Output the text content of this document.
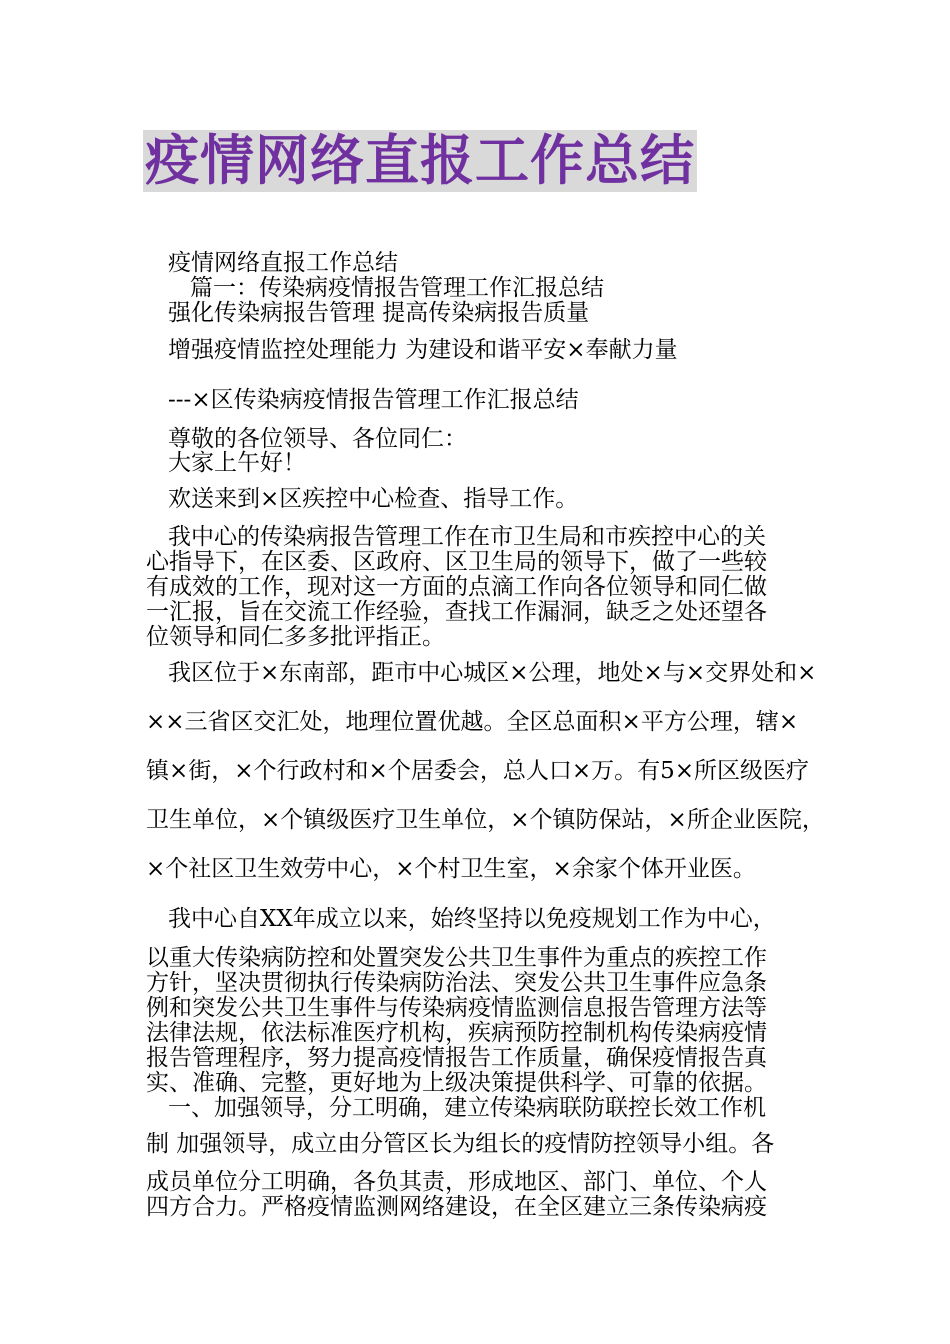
疫情网络直报工作总结
疫情网络直报工作总结
篇一：传染病疫情报告管理工作汇报总结
强化传染病报告管理 提高传染病报告质量
增强疫情监控处理能力 为建设和谐平安×奉献力量
---×区传染病疫情报告管理工作汇报总结
尊敬的各位领导、各位同仁：
大家上午好！
欢送来到×区疾控中心检查、指导工作。
我中心的传染病报告管理工作在市卫生局和市疾控中心的关
心指导下，在区委、区政府、区卫生局的领导下，做了一些较
有成效的工作，现对这一方面的点滴工作向各位领导和同仁做
一汇报，旨在交流工作经验，查找工作漏洞，缺乏之处还望各
位领导和同仁多多批评指正。
我区位于×东南部，距市中心城区×公理，地处×与×交界处和×
××三省区交汇处，地理位置优越。全区总面积×平方公理，辖×
镇×街，×个行政村和×个居委会，总人口×万。有5×所区级医疗
卫生单位，×个镇级医疗卫生单位，×个镇防保站，×所企业医院，
×个社区卫生效劳中心，×个村卫生室，×余家个体开业医。
我中心自XX年成立以来，始终坚持以免疫规划工作为中心，
以重大传染病防控和处置突发公共卫生事件为重点的疾控工作
方针，坚决贯彻执行传染病防治法、突发公共卫生事件应急条
例和突发公共卫生事件与传染病疫情监测信息报告管理方法等
法律法规，依法标准医疗机构，疾病预防控制机构传染病疫情
报告管理程序，努力提高疫情报告工作质量，确保疫情报告真
实、准确、完整，更好地为上级决策提供科学、可靠的依据。
一、加强领导，分工明确，建立传染病联防联控长效工作机
制 加强领导，成立由分管区长为组长的疫情防控领导小组。各
成员单位分工明确，各负其责，形成地区、部门、单位、个人
四方合力。严格疫情监测网络建设，在全区建立三条传染病疫
